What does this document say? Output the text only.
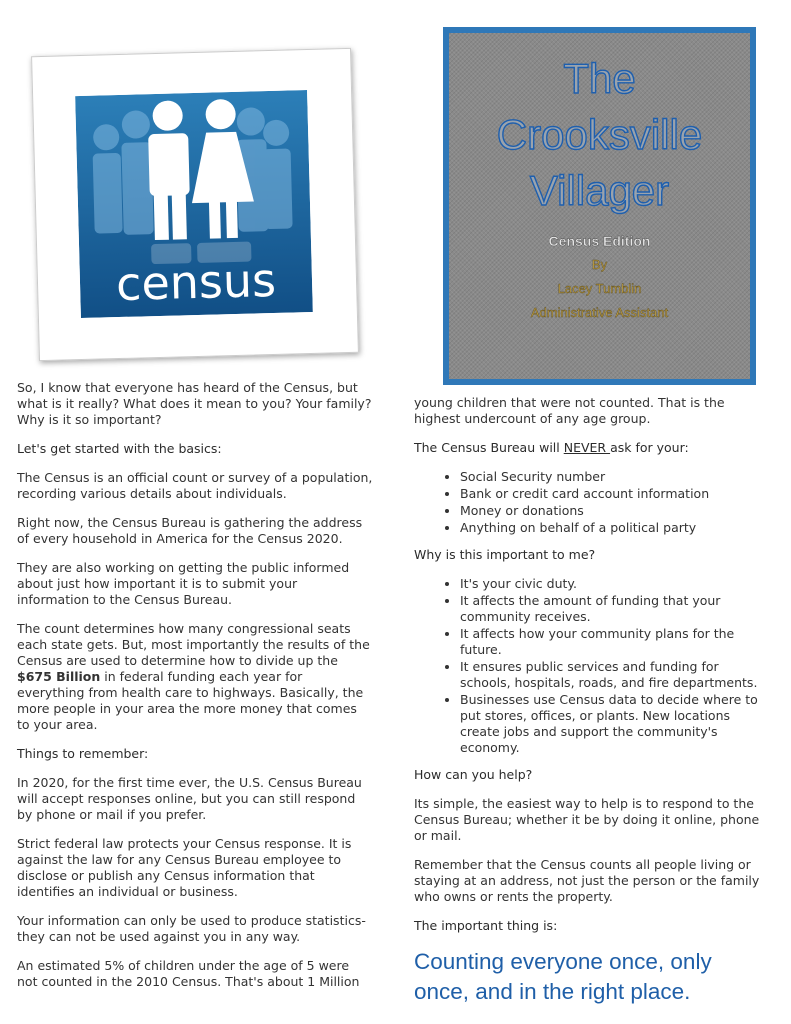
census
The
Crooksville
Villager
Census Edition
By
Lacey Tumblin
Administrative Assistant

So, I know that everyone has heard of the Census, but what is it really? What does it mean to you? Your family? Why is it so important?

Let's get started with the basics:

The Census is an official count or survey of a population, recording various details about individuals.

Right now, the Census Bureau is gathering the address of every household in America for the Census 2020.

They are also working on getting the public informed about just how important it is to submit your information to the Census Bureau.

The count determines how many congressional seats each state gets. But, most importantly the results of the Census are used to determine how to divide up the $675 Billion in federal funding each year for everything from health care to highways. Basically, the more people in your area the more money that comes to your area.

Things to remember:

In 2020, for the first time ever, the U.S. Census Bureau will accept responses online, but you can still respond by phone or mail if you prefer.

Strict federal law protects your Census response. It is against the law for any Census Bureau employee to disclose or publish any Census information that identifies an individual or business.

Your information can only be used to produce statistics- they can not be used against you in any way.

An estimated 5% of children under the age of 5 were not counted in the 2010 Census. That's about 1 Million

young children that were not counted. That is the highest undercount of any age group.

The Census Bureau will NEVER ask for your:

• Social Security number
• Bank or credit card account information
• Money or donations
• Anything on behalf of a political party

Why is this important to me?

• It's your civic duty.
• It affects the amount of funding that your community receives.
• It affects how your community plans for the future.
• It ensures public services and funding for schools, hospitals, roads, and fire departments.
• Businesses use Census data to decide where to put stores, offices, or plants. New locations create jobs and support the community's economy.

How can you help?

Its simple, the easiest way to help is to respond to the Census Bureau; whether it be by doing it online, phone or mail.

Remember that the Census counts all people living or staying at an address, not just the person or the family who owns or rents the property.

The important thing is:

Counting everyone once, only once, and in the right place.
